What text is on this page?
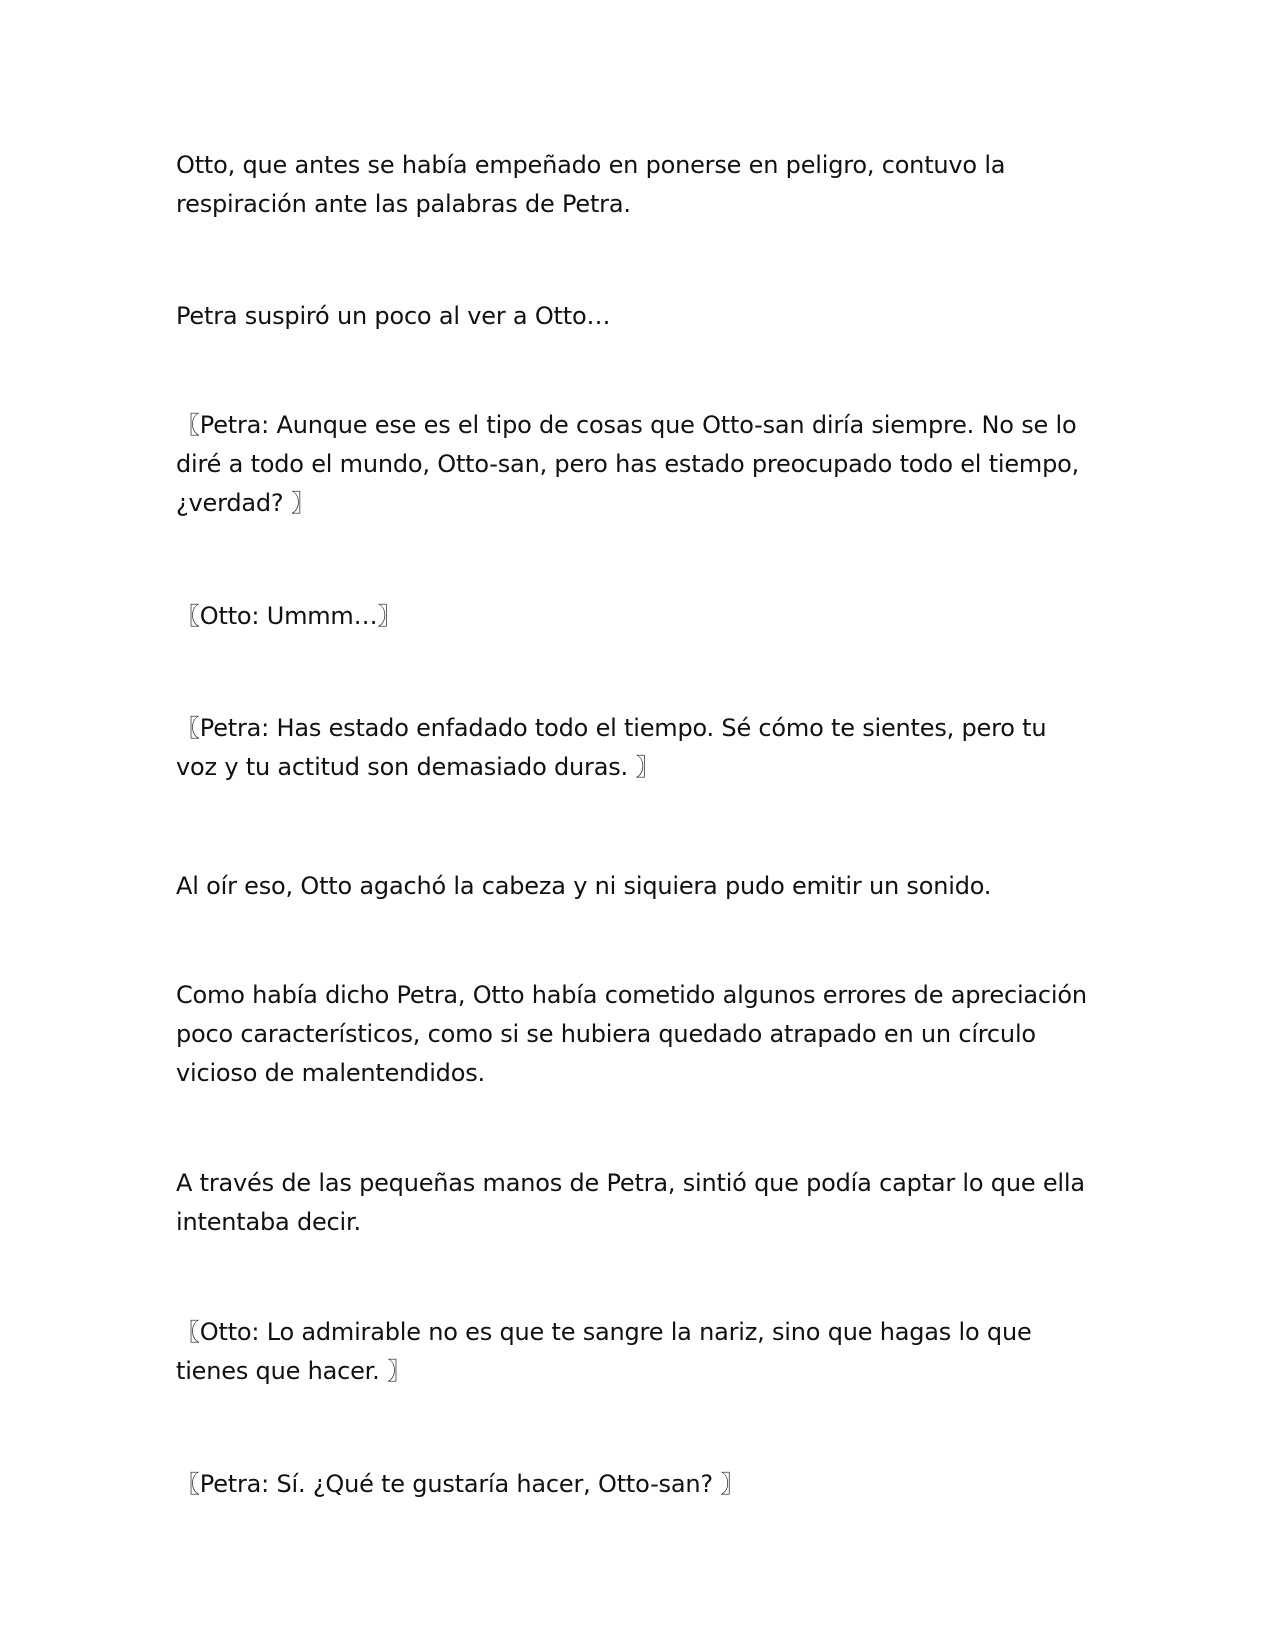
Otto, que antes se había empeñado en ponerse en peligro, contuvo la
respiración ante las palabras de Petra.

Petra suspiró un poco al ver a Otto…

〖Petra: Aunque ese es el tipo de cosas que Otto-san diría siempre. No se lo
diré a todo el mundo, Otto-san, pero has estado preocupado todo el tiempo,
¿verdad? 〗

〖Otto: Ummm…〗

〖Petra: Has estado enfadado todo el tiempo. Sé cómo te sientes, pero tu
voz y tu actitud son demasiado duras. 〗

Al oír eso, Otto agachó la cabeza y ni siquiera pudo emitir un sonido.

Como había dicho Petra, Otto había cometido algunos errores de apreciación
poco característicos, como si se hubiera quedado atrapado en un círculo
vicioso de malentendidos.

A través de las pequeñas manos de Petra, sintió que podía captar lo que ella
intentaba decir.

〖Otto: Lo admirable no es que te sangre la nariz, sino que hagas lo que
tienes que hacer. 〗

〖Petra: Sí. ¿Qué te gustaría hacer, Otto-san? 〗
